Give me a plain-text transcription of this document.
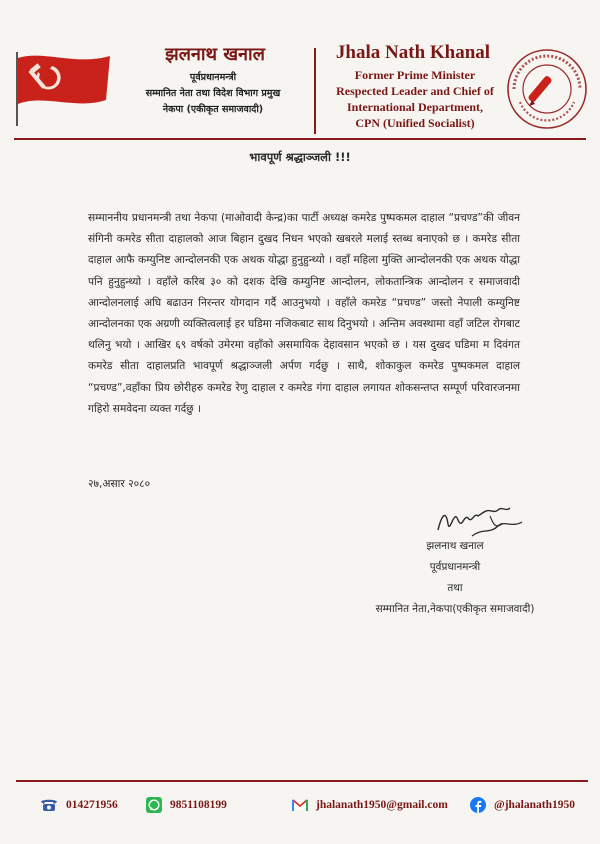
झलनाथ खनाल
पूर्वप्रधानमन्त्री
सम्मानित नेता तथा विदेश विभाग प्रमुख
नेकपा (एकीकृत समाजवादी)
Jhala Nath Khanal
Former Prime Minister
Respected Leader and Chief of
International Department,
CPN (Unified Socialist)
भावपूर्ण श्रद्धाञ्जली !!!

सम्माननीय प्रधानमन्त्री तथा नेकपा (माओवादी केन्द्र)का पार्टी अध्यक्ष कमरेड पुष्पकमल दाहाल “प्रचण्ड”की जीवन संगिनी कमरेड सीता दाहालको आज बिहान दुखद निधन भएको खबरले मलाई स्तब्ध बनाएको छ । कमरेड सीता दाहाल आफै कम्युनिष्ट आन्दोलनकी एक अथक योद्धा हुनुहुन्थ्यो । वहाँ महिला मुक्ति आन्दोलनकी एक अथक योद्धा पनि हुनुहुन्थ्यो । वहाँले करिब ३० को दशक देखि कम्युनिष्ट आन्दोलन, लोकतान्त्रिक आन्दोलन र समाजवादी आन्दोलनलाई अघि बढाउन निरन्तर योगदान गर्दै आउनुभयो । वहाँले कमरेड “प्रचण्ड” जस्तो नेपाली कम्युनिष्ट आन्दोलनका एक अग्रणी व्यक्तित्वलाई हर घडिमा नजिकबाट साथ दिनुभयो । अन्तिम अवस्थामा वहाँ जटिल रोगबाट थलिनु भयो । आखिर ६९ वर्षको उमेरमा वहाँको असमायिक देहावसान भएको छ । यस दुखद घडिमा म दिवंगत कमरेड सीता दाहालप्रति भावपूर्ण श्रद्धाञ्जली अर्पण गर्दछु । साथै, शोकाकुल कमरेड पुष्पकमल दाहाल “प्रचण्ड”,वहाँका प्रिय छोरीहरु कमरेड रेणु दाहाल र कमरेड गंगा दाहाल लगायत शोकसन्तप्त सम्पूर्ण परिवारजनमा गहिरो समवेदना व्यक्त गर्दछु ।

२७,असार २०८०
झलनाथ खनाल
पूर्वप्रधानमन्त्री
तथा
सम्मानित नेता,नेकपा(एकीकृत समाजवादी)
014271956	9851108199	jhalanath1950@gmail.com	@jhalanath1950
